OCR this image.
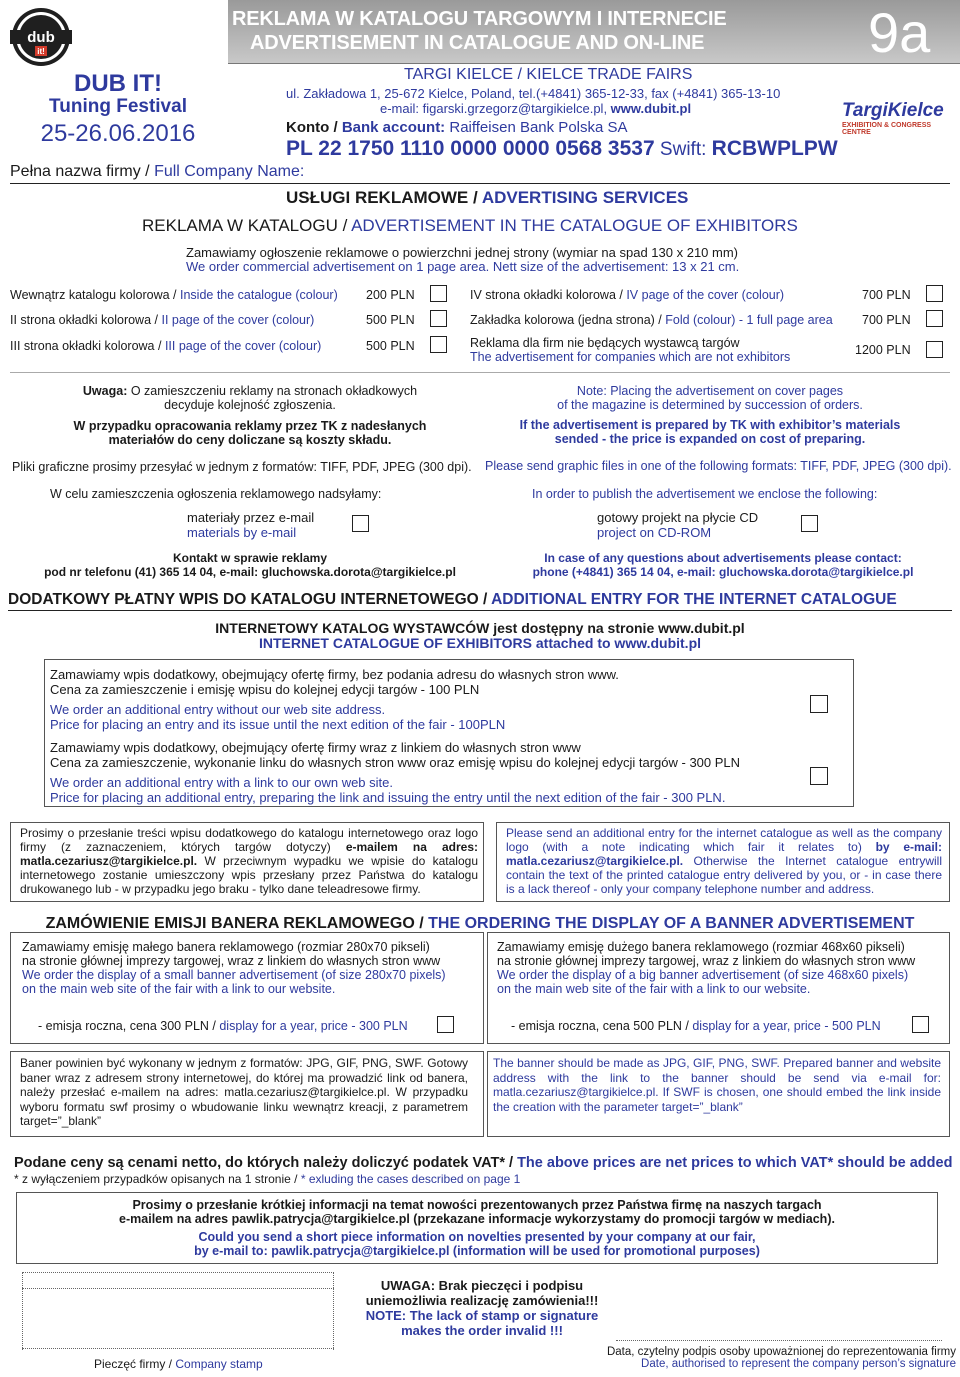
dub
it!
REKLAMA W KATALOGU TARGOWYM I INTERNECIE
ADVERTISEMENT IN CATALOGUE AND ON-LINE	9a
DUB IT!
Tuning Festival
25-26.06.2016
TARGI KIELCE / KIELCE TRADE FAIRS
ul. Zakładowa 1, 25-672 Kielce, Poland, tel.(+4841) 365-12-33, fax (+4841) 365-13-10
e-mail: figarski.grzegorz@targikielce.pl, www.dubit.pl
Konto / Bank account: Raiffeisen Bank Polska SA
PL 22 1750 1110 0000 0000 0568 3537 Swift: RCBWPLPW
TargiKielce
EXHIBITION & CONGRESS CENTRE
Pełna nazwa firmy / Full Company Name:
USŁUGI REKLAMOWE / ADVERTISING SERVICES
REKLAMA W KATALOGU / ADVERTISEMENT IN THE CATALOGUE OF EXHIBITORS
Zamawiamy ogłoszenie reklamowe o powierzchni jednej strony (wymiar na spad 130 x 210 mm)
We order commercial advertisement on 1 page area. Nett size of the advertisement: 13 x 21 cm.
Wewnątrz katalogu kolorowa / Inside the catalogue (colour) 200 PLN
II strona okładki kolorowa / II page of the cover (colour)	500 PLN
III strona okładki kolorowa / III page of the cover (colour)	500 PLN
IV strona okładki kolorowa / IV page of the cover (colour)	700 PLN
Zakładka kolorowa (jedna strona) / Fold (colour) - 1 full page area 700 PLN
Reklama dla firm nie będących wystawcą targów
The advertisement for companies which are not exhibitors	1200 PLN
Uwaga: O zamieszczeniu reklamy na stronach okładkowych
decyduje kolejność zgłoszenia.
W przypadku opracowania reklamy przez TK z nadesłanych
materiałów do ceny doliczane są koszty składu.
Note: Placing the advertisement on cover pages
of the magazine is determined by succession of orders.
If the advertisement is prepared by TK with exhibitor’s materials
sended - the price is expanded on cost of preparing.
Pliki graficzne prosimy przesyłać w jednym z formatów: TIFF, PDF, JPEG (300 dpi). Please send graphic files in one of the following formats: TIFF, PDF, JPEG (300 dpi).
W celu zamieszczenia ogłoszenia reklamowego nadsyłamy:	In order to publish the advertisement we enclose the following:
materiały przez e-mail
materials by e-mail
gotowy projekt na płycie CD
project on CD-ROM
Kontakt w sprawie reklamy
pod nr telefonu (41) 365 14 04, e-mail: gluchowska.dorota@targikielce.pl
In case of any questions about advertisements please contact:
phone (+4841) 365 14 04, e-mail: gluchowska.dorota@targikielce.pl
DODATKOWY PŁATNY WPIS DO KATALOGU INTERNETOWEGO / ADDITIONAL ENTRY FOR THE INTERNET CATALOGUE
INTERNETOWY KATALOG WYSTAWCÓW jest dostępny na stronie www.dubit.pl
INTERNET CATALOGUE OF EXHIBITORS attached to www.dubit.pl
Zamawiamy wpis dodatkowy, obejmujący ofertę firmy, bez podania adresu do własnych stron www.
Cena za zamieszczenie i emisję wpisu do kolejnej edycji targów - 100 PLN
We order an additional entry without our web site address.
Price for placing an entry and its issue until the next edition of the fair - 100PLN
Zamawiamy wpis dodatkowy, obejmujący ofertę firmy wraz z linkiem do własnych stron www
Cena za zamieszczenie, wykonanie linku do własnych stron www oraz emisję wpisu do kolejnej edycji targów - 300 PLN
We order an additional entry with a link to our own web site.
Price for placing an additional entry, preparing the link and issuing the entry until the next edition of the fair - 300 PLN.
Prosimy o przesłanie treści wpisu dodatkowego do katalogu internetowego oraz logo firmy (z zaznaczeniem, których targów dotyczy) e-mailem na adres: matla.cezariusz@targikielce.pl. W przeciwnym wypadku we wpisie do katalogu internetowego zostanie umieszczony wpis przesłany przez Państwa do katalogu drukowanego lub - w przypadku jego braku - tylko dane teleadresowe firmy.
Please send an additional entry for the internet catalogue as well as the company logo (with a note indicating which fair it relates to) by e-mail: matla.cezariusz@targikielce.pl. Otherwise the Internet catalogue entrywill contain the text of the printed catalogue entry delivered by you, or - in case there is a lack thereof - only your company telephone number and address.
ZAMÓWIENIE EMISJI BANERA REKLAMOWEGO / THE ORDERING THE DISPLAY OF A BANNER ADVERTISEMENT
Zamawiamy emisję małego banera reklamowego (rozmiar 280x70 pikseli)
na stronie głównej imprezy targowej, wraz z linkiem do własnych stron www
We order the display of a small banner advertisement (of size 280x70 pixels)
on the main web site of the fair with a link to our website.
- emisja roczna, cena 300 PLN / display for a year, price - 300 PLN
Zamawiamy emisję dużego banera reklamowego (rozmiar 468x60 pikseli)
na stronie głównej imprezy targowej, wraz z linkiem do własnych stron www
We order the display of a big banner advertisement (of size 468x60 pixels)
on the main web site of the fair with a link to our website.
- emisja roczna, cena 500 PLN / display for a year, price - 500 PLN
Baner powinien być wykonany w jednym z formatów: JPG, GIF, PNG, SWF. Gotowy baner wraz z adresem strony internetowej, do której ma prowadzić link od banera, należy przesłać e-mailem na adres: matla.cezariusz@targikielce.pl. W przypadku wyboru formatu swf prosimy o wbudowanie linku wewnątrz kreacji, z parametrem target=”_blank”
The banner should be made as JPG, GIF, PNG, SWF. Prepared banner and website address with the link to the banner should be send via e-mail for: matla.cezariusz@targikielce.pl. If SWF is chosen, one should embed the link inside the creation with the parameter target=”_blank”
Podane ceny są cenami netto, do których należy doliczyć podatek VAT* / The above prices are net prices to which VAT* should be added
* z wyłączeniem przypadków opisanych na 1 stronie / * exluding the cases described on page 1
Prosimy o przesłanie krótkiej informacji na temat nowości prezentowanych przez Państwa firmę na naszych targach
e-mailem na adres pawlik.patrycja@targikielce.pl (przekazane informacje wykorzystamy do promocji targów w mediach).
Could you send a short piece information on novelties presented by your company at our fair,
by e-mail to: pawlik.patrycja@targikielce.pl (information will be used for promotional purposes)
Pieczęć firmy / Company stamp
UWAGA: Brak pieczęci i podpisu
uniemożliwia realizację zamówienia!!!
NOTE: The lack of stamp or signature
makes the order invalid !!!
Data, czytelny podpis osoby upoważnionej do reprezentowania firmy
Date, authorised to represent the company person’s signature
